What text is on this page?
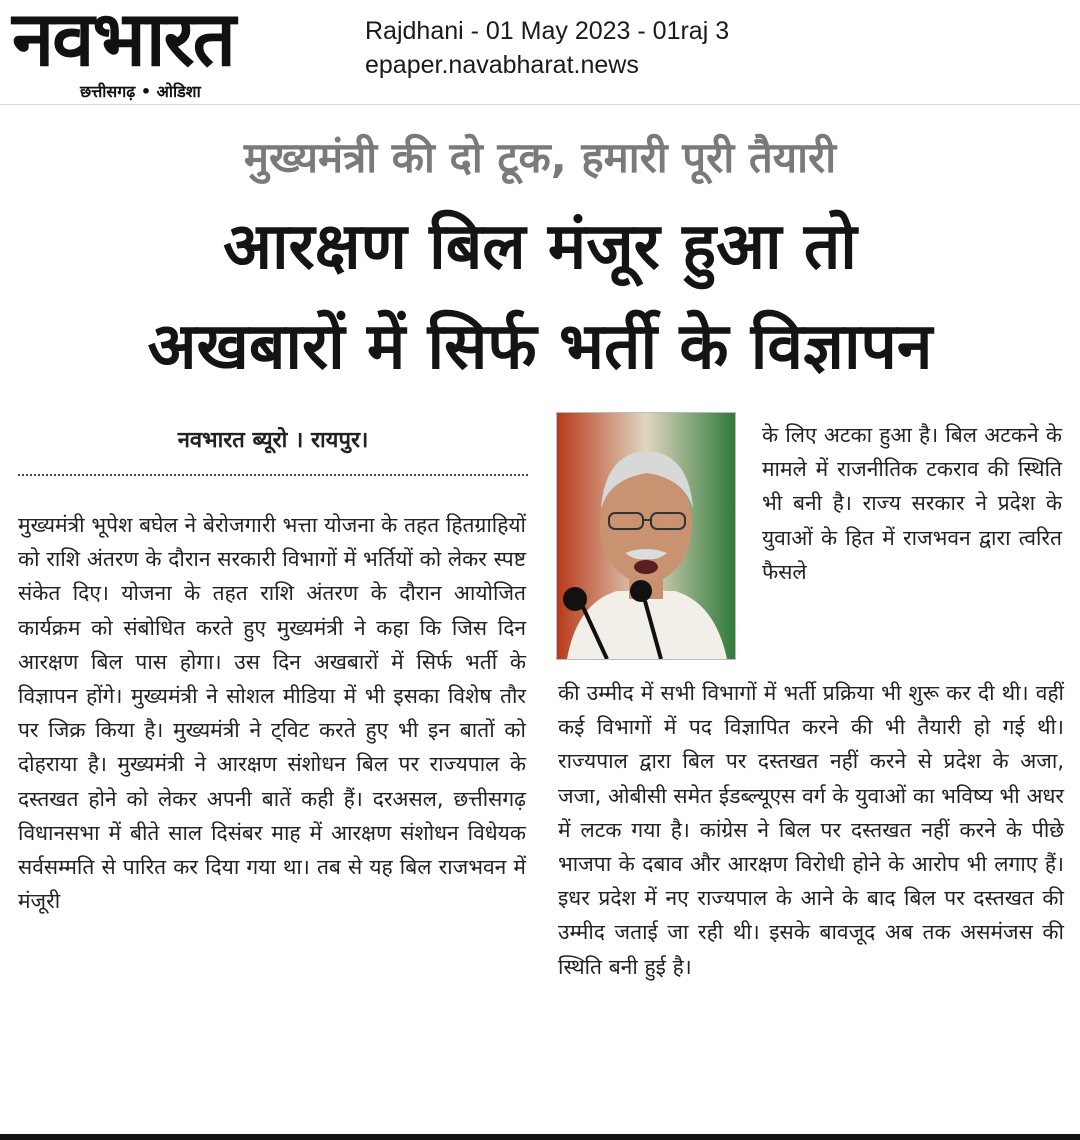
नवभारत
छत्तीसगढ़ • ओडिशा
Rajdhani - 01 May 2023 - 01raj 3
epaper.navabharat.news
मुख्यमंत्री की दो टूक, हमारी पूरी तैयारी
आरक्षण बिल मंजूर हुआ तो
अखबारों में सिर्फ भर्ती के विज्ञापन
नवभारत ब्यूरो । रायपुर।
मुख्यमंत्री भूपेश बघेल ने बेरोजगारी भत्ता योजना के तहत हितग्राहियों को राशि अंतरण के दौरान सरकारी विभागों में भर्तियों को लेकर स्पष्ट संकेत दिए। योजना के तहत राशि अंतरण के दौरान आयोजित कार्यक्रम को संबोधित करते हुए मुख्यमंत्री ने कहा कि जिस दिन आरक्षण बिल पास होगा। उस दिन अखबारों में सिर्फ भर्ती के विज्ञापन होंगे। मुख्यमंत्री ने सोशल मीडिया में भी इसका विशेष तौर पर जिक्र किया है। मुख्यमंत्री ने ट्विट करते हुए भी इन बातों को दोहराया है। मुख्यमंत्री ने आरक्षण संशोधन बिल पर राज्यपाल के दस्तखत होने को लेकर अपनी बातें कही हैं। दरअसल, छत्तीसगढ़ विधानसभा में बीते साल दिसंबर माह में आरक्षण संशोधन विधेयक सर्वसम्मति से पारित कर दिया गया था। तब से यह बिल राजभवन में मंजूरी
के लिए अटका हुआ है। बिल अटकने के मामले में राजनीतिक टकराव की स्थिति भी बनी है। राज्य सरकार ने प्रदेश के युवाओं के हित में राजभवन द्वारा त्वरित फैसले
की उम्मीद में सभी विभागों में भर्ती प्रक्रिया भी शुरू कर दी थी। वहीं कई विभागों में पद विज्ञापित करने की भी तैयारी हो गई थी। राज्यपाल द्वारा बिल पर दस्तखत नहीं करने से प्रदेश के अजा, जजा, ओबीसी समेत ईडब्ल्यूएस वर्ग के युवाओं का भविष्य भी अधर में लटक गया है। कांग्रेस ने बिल पर दस्तखत नहीं करने के पीछे भाजपा के दबाव और आरक्षण विरोधी होने के आरोप भी लगाए हैं। इधर प्रदेश में नए राज्यपाल के आने के बाद बिल पर दस्तखत की उम्मीद जताई जा रही थी। इसके बावजूद अब तक असमंजस की स्थिति बनी हुई है।
